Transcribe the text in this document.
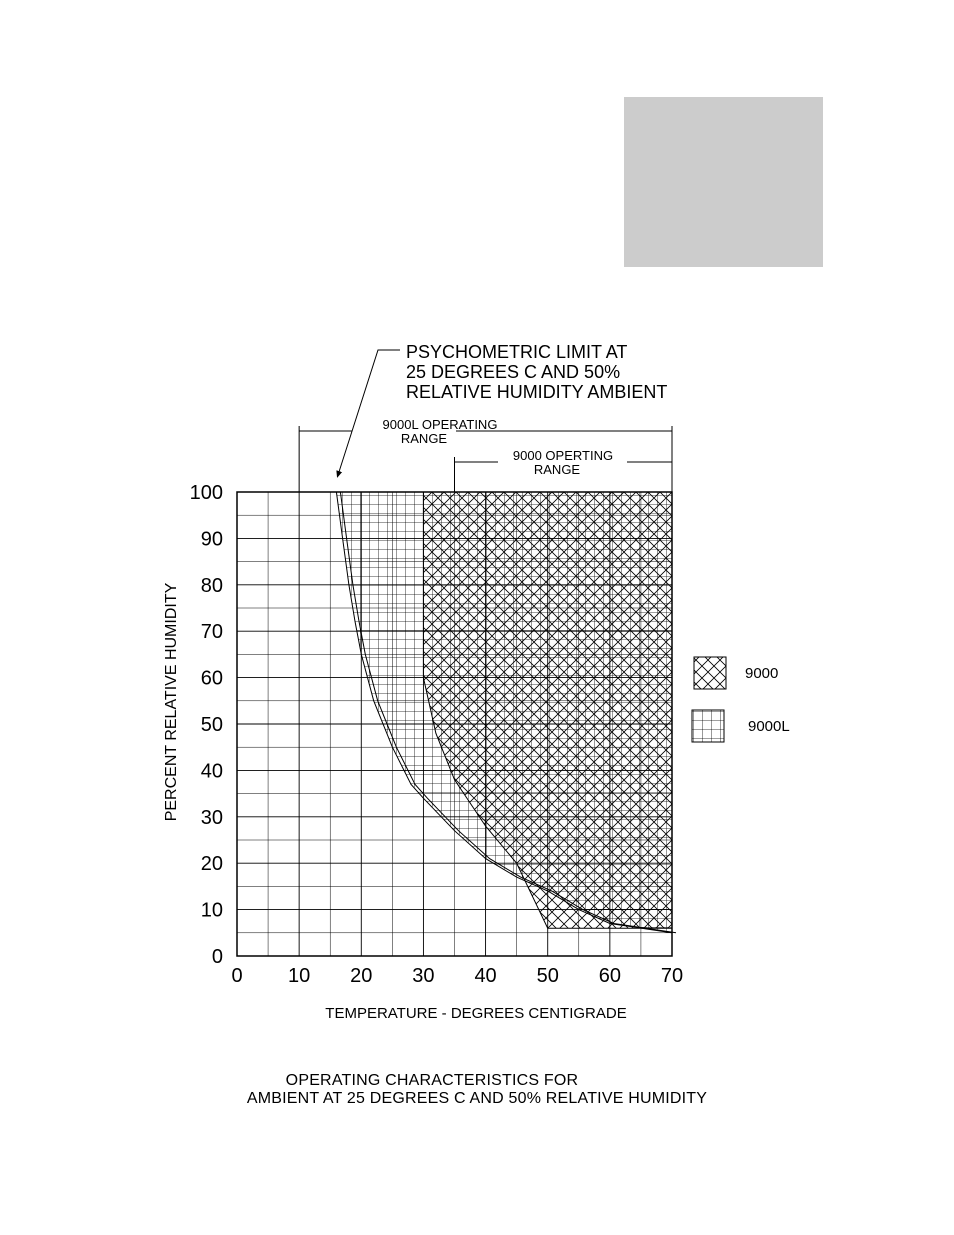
0 10 20 30 40 50 60 70
0
10
20
30
40
50
60
70
80
90
100
PSYCHOMETRIC LIMIT AT
25 DEGREES C AND 50%
RELATIVE HUMIDITY AMBIENT
9000L OPERATING
RANGE
9000 OPERTING
RANGE
TEMPERATURE - DEGREES CENTIGRADE
PERCENT RELATIVE HUMIDITY	9000
9000L
OPERATING CHARACTERISTICS FOR
AMBIENT AT 25 DEGREES C AND 50% RELATIVE HUMIDITY
